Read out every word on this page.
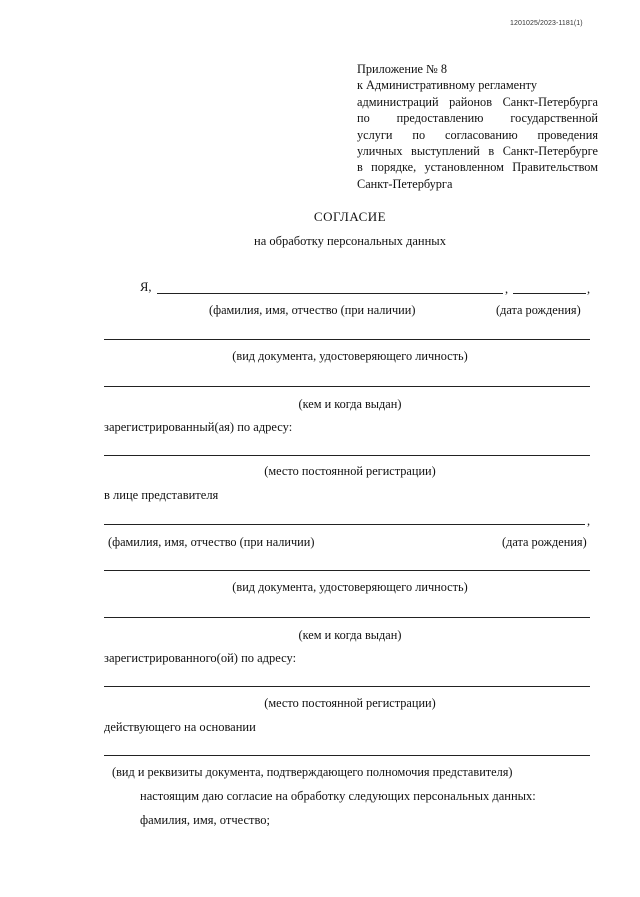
1201025/2023-1181(1)
Приложение № 8
к Административному регламенту
администраций районов Санкт-Петербурга
по предоставлению государственной
услуги по согласованию проведения
уличных выступлений в Санкт-Петербурге
в порядке, установленном Правительством
Санкт-Петербурга
СОГЛАСИЕ
на обработку персональных данных
Я,	,	,
(фамилия, имя, отчество (при наличии)	(дата рождения)
(вид документа, удостоверяющего личность)
(кем и когда выдан)
зарегистрированный(ая) по адресу:
(место постоянной регистрации)
в лице представителя
,
(фамилия, имя, отчество (при наличии)	(дата рождения)
(вид документа, удостоверяющего личность)
(кем и когда выдан)
зарегистрированного(ой) по адресу:
(место постоянной регистрации)
действующего на основании
(вид и реквизиты документа, подтверждающего полномочия представителя)
настоящим даю согласие на обработку следующих персональных данных:
фамилия, имя, отчество;
